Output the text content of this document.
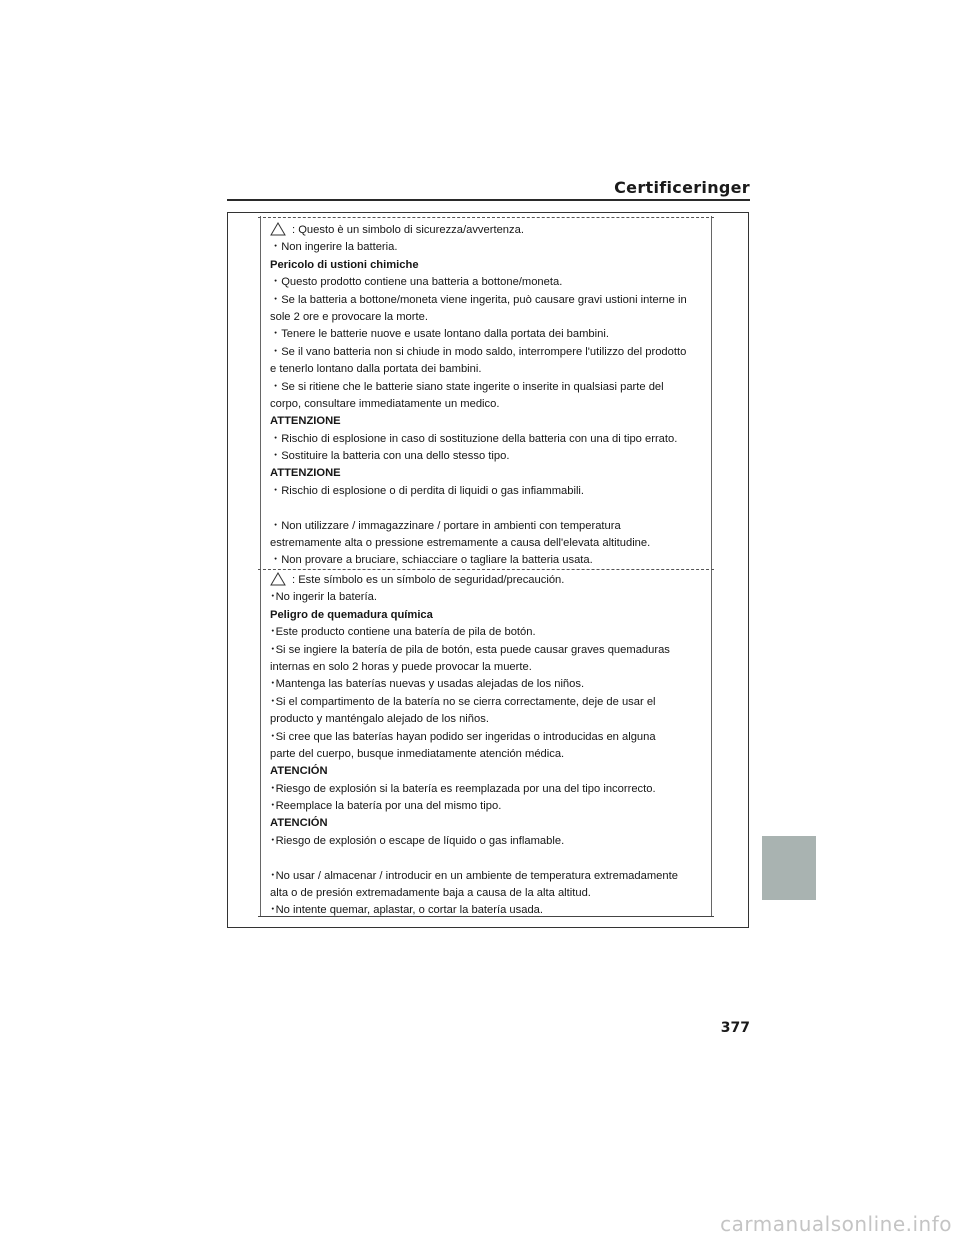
Certificeringer
: Questo è un simbolo di sicurezza/avvertenza.
・Non ingerire la batteria.
Pericolo di ustioni chimiche
・Questo prodotto contiene una batteria a bottone/moneta.
・Se la batteria a bottone/moneta viene ingerita, può causare gravi ustioni interne in
sole 2 ore e provocare la morte.
・Tenere le batterie nuove e usate lontano dalla portata dei bambini.
・Se il vano batteria non si chiude in modo saldo, interrompere l'utilizzo del prodotto
e tenerlo lontano dalla portata dei bambini.
・Se si ritiene che le batterie siano state ingerite o inserite in qualsiasi parte del
corpo, consultare immediatamente un medico.
ATTENZIONE
・Rischio di esplosione in caso di sostituzione della batteria con una di tipo errato.
・Sostituire la batteria con una dello stesso tipo.
ATTENZIONE
・Rischio di esplosione o di perdita di liquidi o gas infiammabili.
・Non utilizzare / immagazzinare / portare in ambienti con temperatura
estremamente alta o pressione estremamente a causa dell'elevata altitudine.
・Non provare a bruciare, schiacciare o tagliare la batteria usata.
: Este símbolo es un símbolo de seguridad/precaución.
･No ingerir la batería.
Peligro de quemadura química
･Este producto contiene una batería de pila de botón.
･Si se ingiere la batería de pila de botón, esta puede causar graves quemaduras
internas en solo 2 horas y puede provocar la muerte.
･Mantenga las baterías nuevas y usadas alejadas de los niños.
･Si el compartimento de la batería no se cierra correctamente, deje de usar el
producto y manténgalo alejado de los niños.
･Si cree que las baterías hayan podido ser ingeridas o introducidas en alguna
parte del cuerpo, busque inmediatamente atención médica.
ATENCIÓN
･Riesgo de explosión si la batería es reemplazada por una del tipo incorrecto.
･Reemplace la batería por una del mismo tipo.
ATENCIÓN
･Riesgo de explosión o escape de líquido o gas inflamable.
･No usar / almacenar / introducir en un ambiente de temperatura extremadamente
alta o de presión extremadamente baja a causa de la alta altitud.
･No intente quemar, aplastar, o cortar la batería usada.
377
carmanualsonline.info
